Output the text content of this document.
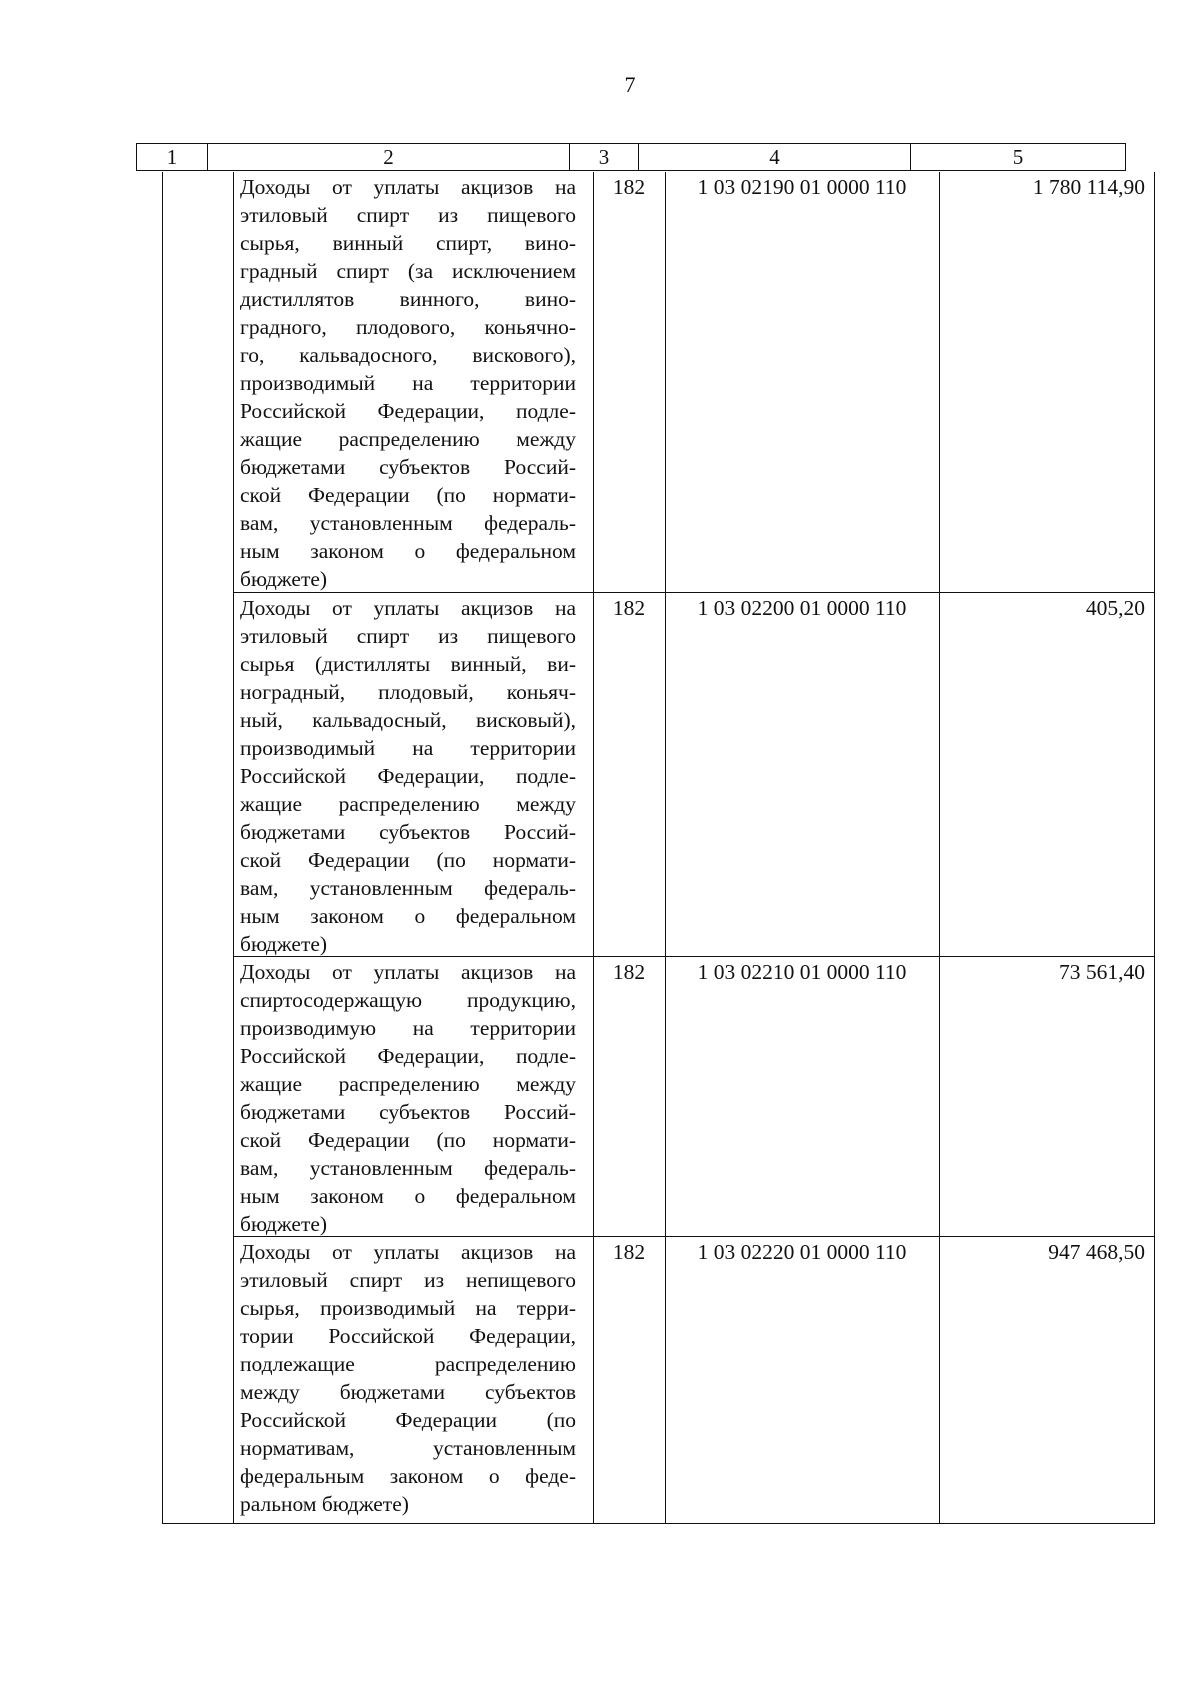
7
1	2	3	4	5
Доходы от уплаты акцизов на
этиловый спирт из пищевого
сырья, винный спирт, вино-
градный спирт (за исключением
дистиллятов винного, вино-
градного, плодового, коньячно-
го, кальвадосного, вискового),
производимый на территории
Российской Федерации, подле-
жащие распределению между
бюджетами субъектов Россий-
ской Федерации (по нормати-
вам, установленным федераль-
ным законом о федеральном
бюджете)
182	1 03 02190 01 0000 110	1 780 114,90
Доходы от уплаты акцизов на
этиловый спирт из пищевого
сырья (дистилляты винный, ви-
ноградный, плодовый, коньяч-
ный, кальвадосный, висковый),
производимый на территории
Российской Федерации, подле-
жащие распределению между
бюджетами субъектов Россий-
ской Федерации (по нормати-
вам, установленным федераль-
ным законом о федеральном
бюджете)
182	1 03 02200 01 0000 110	405,20
Доходы от уплаты акцизов на
спиртосодержащую продукцию,
производимую на территории
Российской Федерации, подле-
жащие распределению между
бюджетами субъектов Россий-
ской Федерации (по нормати-
вам, установленным федераль-
ным законом о федеральном
бюджете)
182	1 03 02210 01 0000 110	73 561,40
Доходы от уплаты акцизов на
этиловый спирт из непищевого
сырья, производимый на терри-
тории Российской Федерации,
подлежащие распределению
между бюджетами субъектов
Российской Федерации (по
нормативам, установленным
федеральным законом о феде-
ральном бюджете)
182	1 03 02220 01 0000 110	947 468,50
